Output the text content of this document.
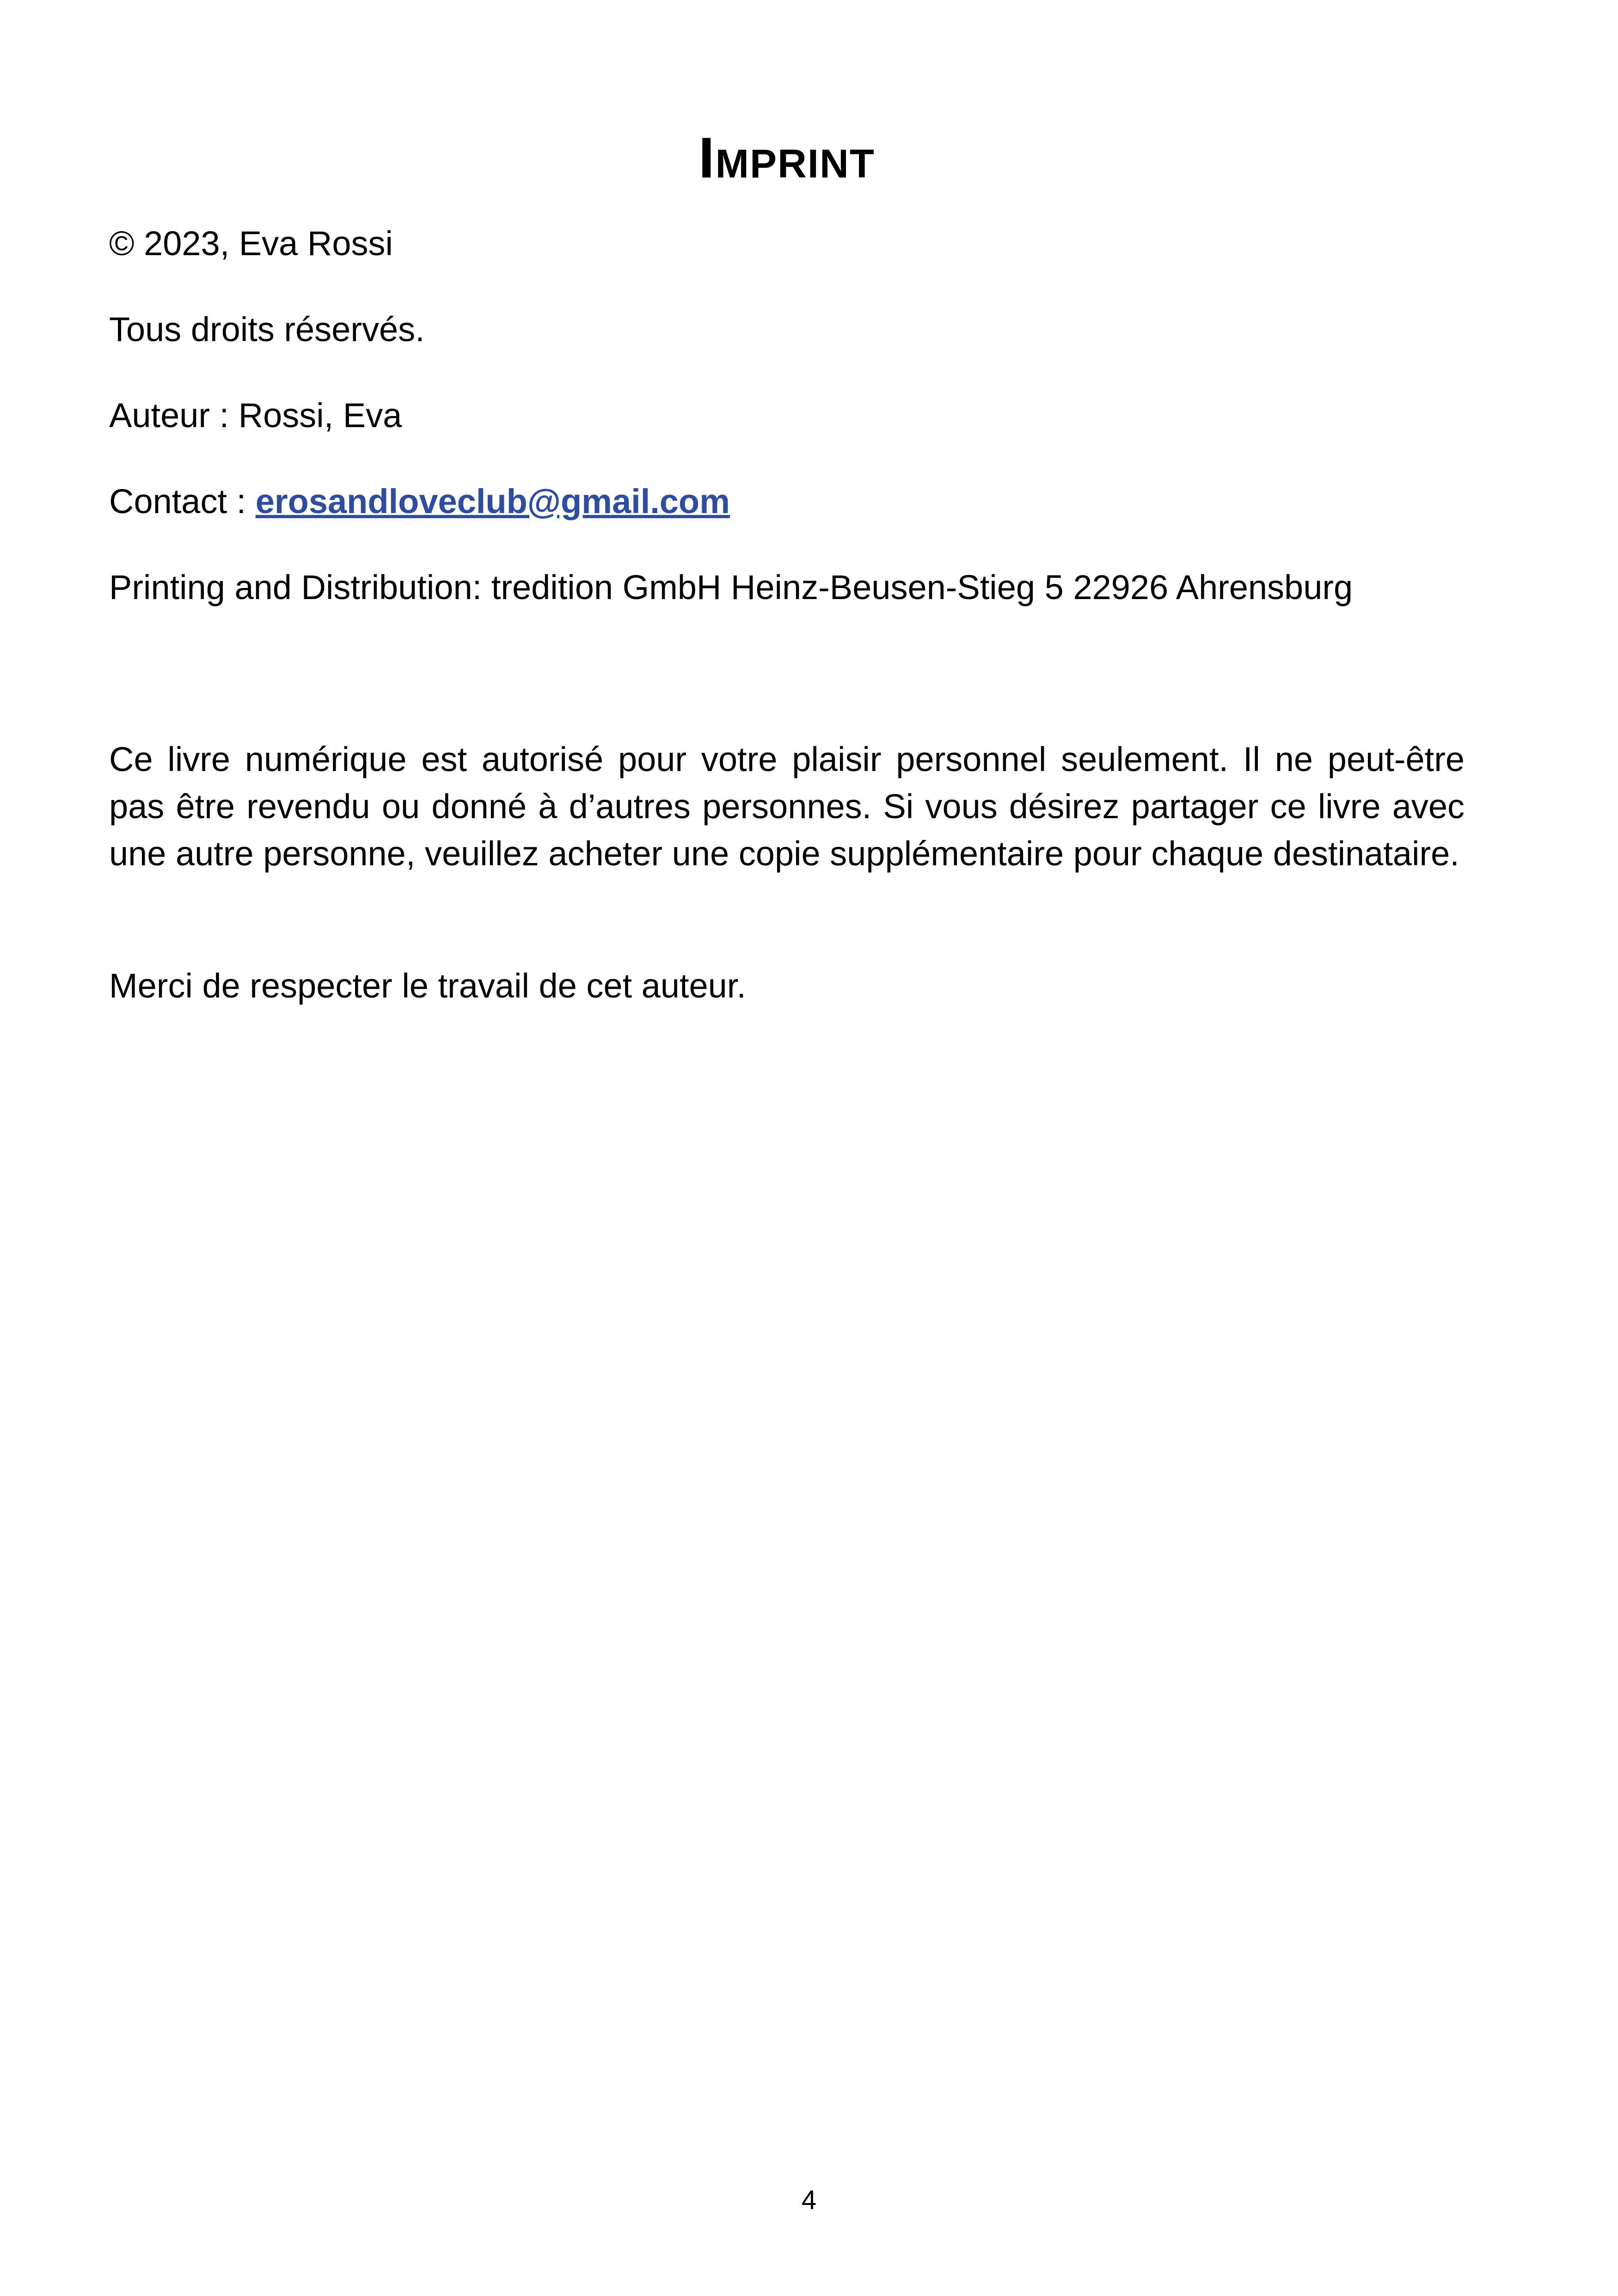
Imprint
© 2023, Eva Rossi
Tous droits réservés.
Auteur : Rossi, Eva
Contact : erosandloveclub@gmail.com
Printing and Distribution: tredition GmbH Heinz-Beusen-Stieg 5 22926 Ahrensburg
Ce livre numérique est autorisé pour votre plaisir personnel seulement. Il ne peut-être pas être revendu ou donné à d’autres personnes. Si vous désirez partager ce livre avec une autre personne, veuillez acheter une copie supplémentaire pour chaque destinataire.
Merci de respecter le travail de cet auteur.
4
